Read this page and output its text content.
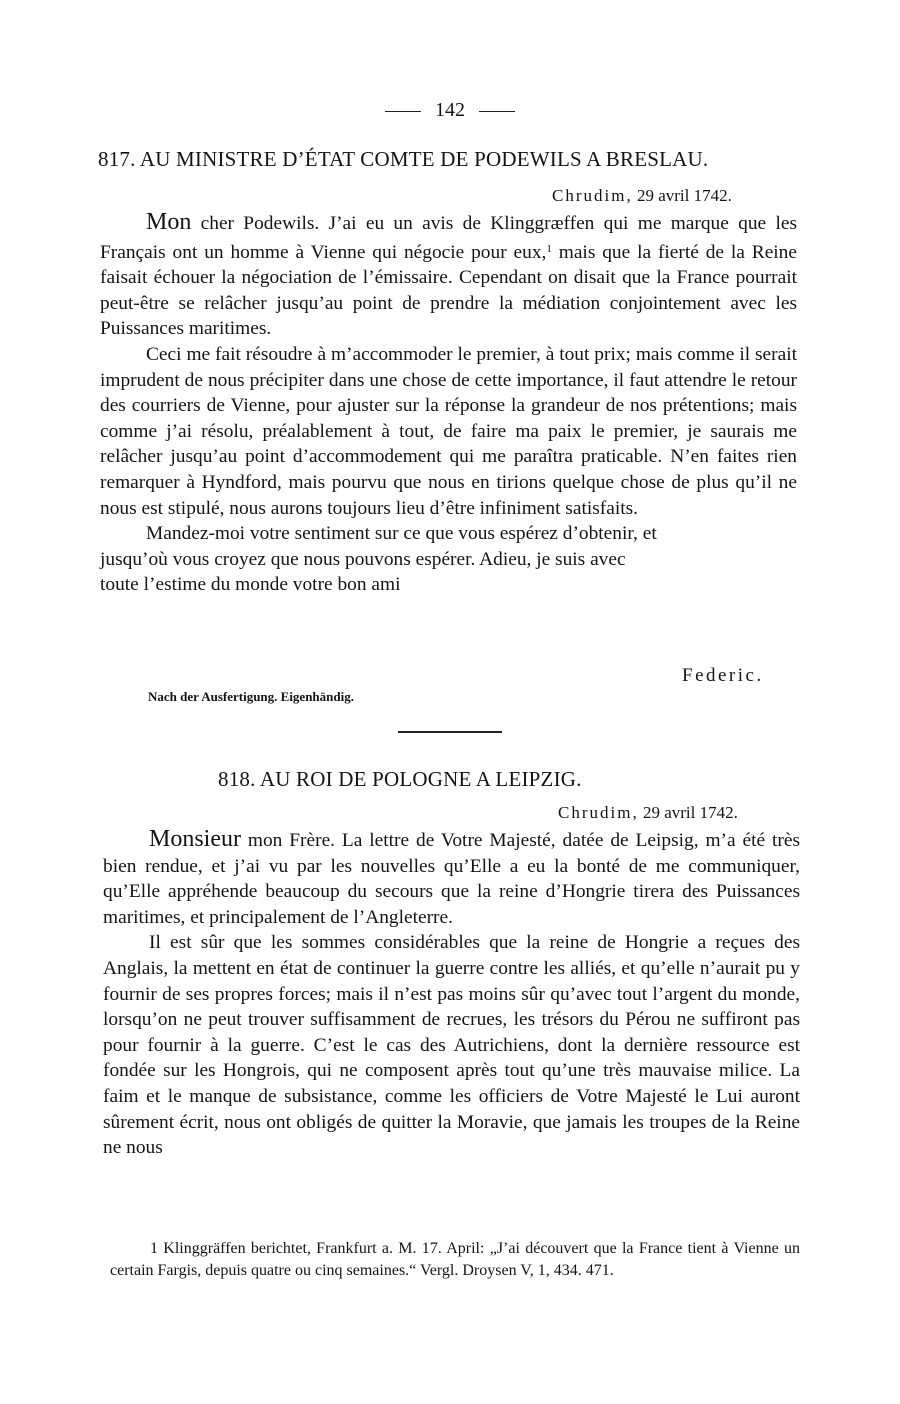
142
817. AU MINISTRE D’ÉTAT COMTE DE PODEWILS A BRESLAU.
Chrudim, 29 avril 1742.

Mon cher Podewils. J’ai eu un avis de Klinggræffen qui me marque que les Français ont un homme à Vienne qui négocie pour eux,$^1$ mais que la fierté de la Reine faisait échouer la négociation de l’émissaire. Cependant on disait que la France pourrait peut-être se relâcher jusqu’au point de prendre la médiation conjointement avec les Puissances maritimes.

Ceci me fait résoudre à m’accommoder le premier, à tout prix; mais comme il serait imprudent de nous précipiter dans une chose de cette importance, il faut attendre le retour des courriers de Vienne, pour ajuster sur la réponse la grandeur de nos prétentions; mais comme j’ai résolu, préalablement à tout, de faire ma paix le premier, je saurais me relâcher jusqu’au point d’accommodement qui me paraîtra praticable. N’en faites rien remarquer à Hyndford, mais pourvu que nous en tirions quelque chose de plus qu’il ne nous est stipulé, nous aurons toujours lieu d’être infiniment satisfaits.

Mandez-moi votre sentiment sur ce que vous espérez d’obtenir, et

jusqu’où vous croyez que nous pouvons espérer. Adieu, je suis avec

toute l’estime du monde votre bon ami

Federic.
Nach der Ausfertigung. Eigenhändig.
818. AU ROI DE POLOGNE A LEIPZIG.
Chrudim, 29 avril 1742.

Monsieur mon Frère. La lettre de Votre Majesté, datée de Leipsig, m’a été très bien rendue, et j’ai vu par les nouvelles qu’Elle a eu la bonté de me communiquer, qu’Elle appréhende beaucoup du secours que la reine d’Hongrie tirera des Puissances maritimes, et principalement de l’Angleterre.

Il est sûr que les sommes considérables que la reine de Hongrie a reçues des Anglais, la mettent en état de continuer la guerre contre les alliés, et qu’elle n’aurait pu y fournir de ses propres forces; mais il n’est pas moins sûr qu’avec tout l’argent du monde, lorsqu’on ne peut trouver suffisamment de recrues, les trésors du Pérou ne suffiront pas pour fournir à la guerre. C’est le cas des Autrichiens, dont la dernière ressource est fondée sur les Hongrois, qui ne composent après tout qu’une très mauvaise milice. La faim et le manque de subsistance, comme les officiers de Votre Majesté le Lui auront sûrement écrit, nous ont obligés de quitter la Moravie, que jamais les troupes de la Reine ne nous

1 Klinggräffen berichtet, Frankfurt a. M. 17. April: „J’ai découvert que la France tient à Vienne un certain Fargis, depuis quatre ou cinq semaines.“ Vergl. Droysen V, 1, 434. 471.
